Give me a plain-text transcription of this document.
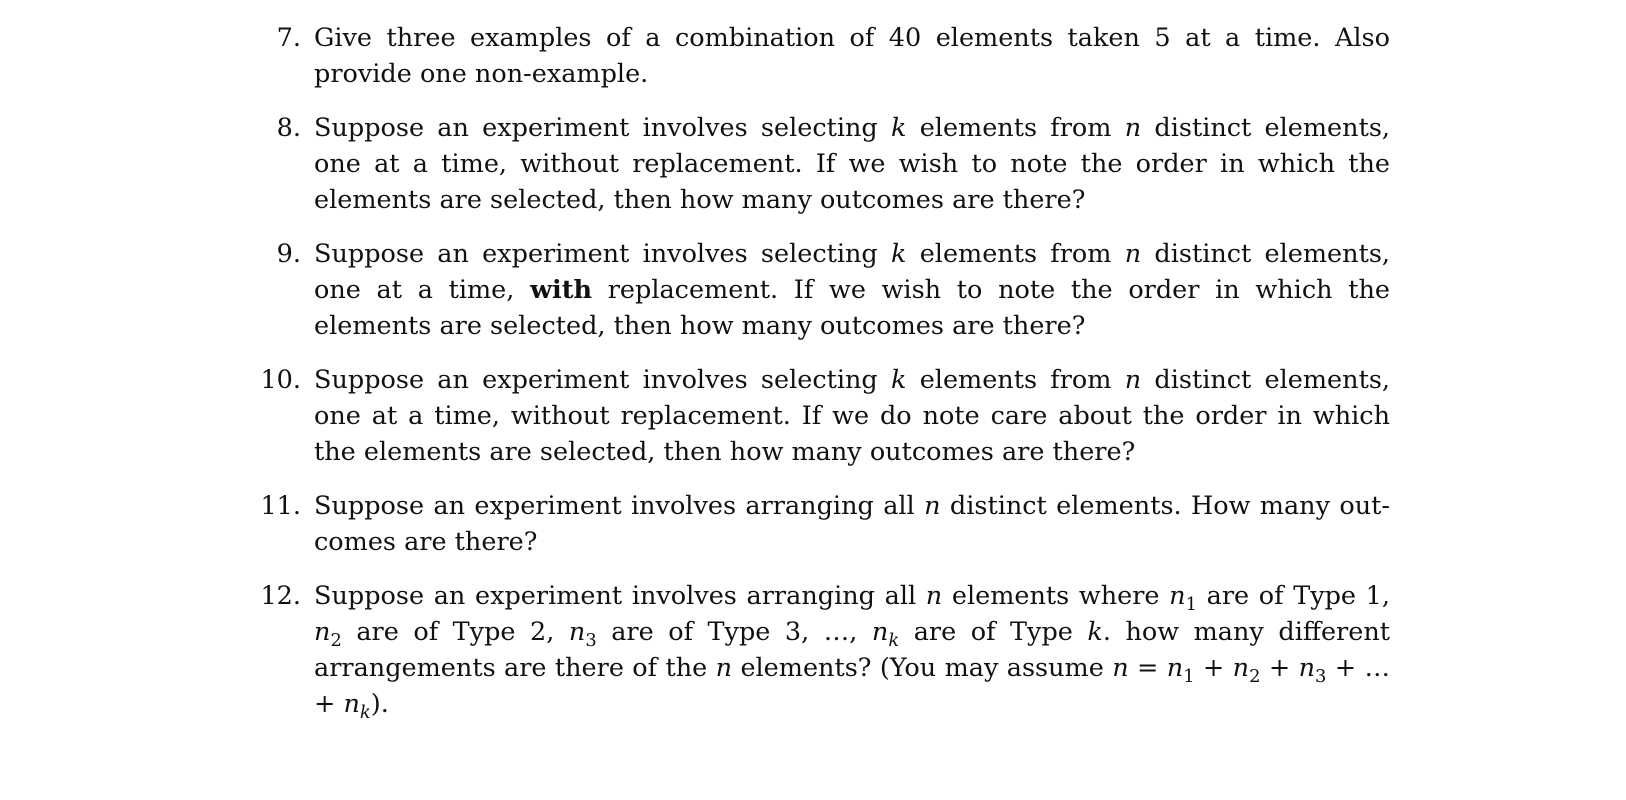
7. Give three examples of a combination of 40 elements taken 5 at a time. Also provide one non-example.
8. Suppose an experiment involves selecting k elements from n distinct elements, one at a time, without replacement. If we wish to note the order in which the elements are selected, then how many outcomes are there?
9. Suppose an experiment involves selecting k elements from n distinct elements, one at a time, with replacement. If we wish to note the order in which the elements are selected, then how many outcomes are there?
10. Suppose an experiment involves selecting k elements from n distinct elements, one at a time, without replacement. If we do note care about the order in which the elements are selected, then how many outcomes are there?
11. Suppose an experiment involves arranging all n distinct elements. How many out-comes are there?
12. Suppose an experiment involves arranging all n elements where $n_1$ are of Type 1, $n_2$ are of Type 2, $n_3$ are of Type 3, …, $n_k$ are of Type k. how many different arrangements are there of the n elements? (You may assume $n = n_1 + n_2 + n_3$ + … + $n_k$).
